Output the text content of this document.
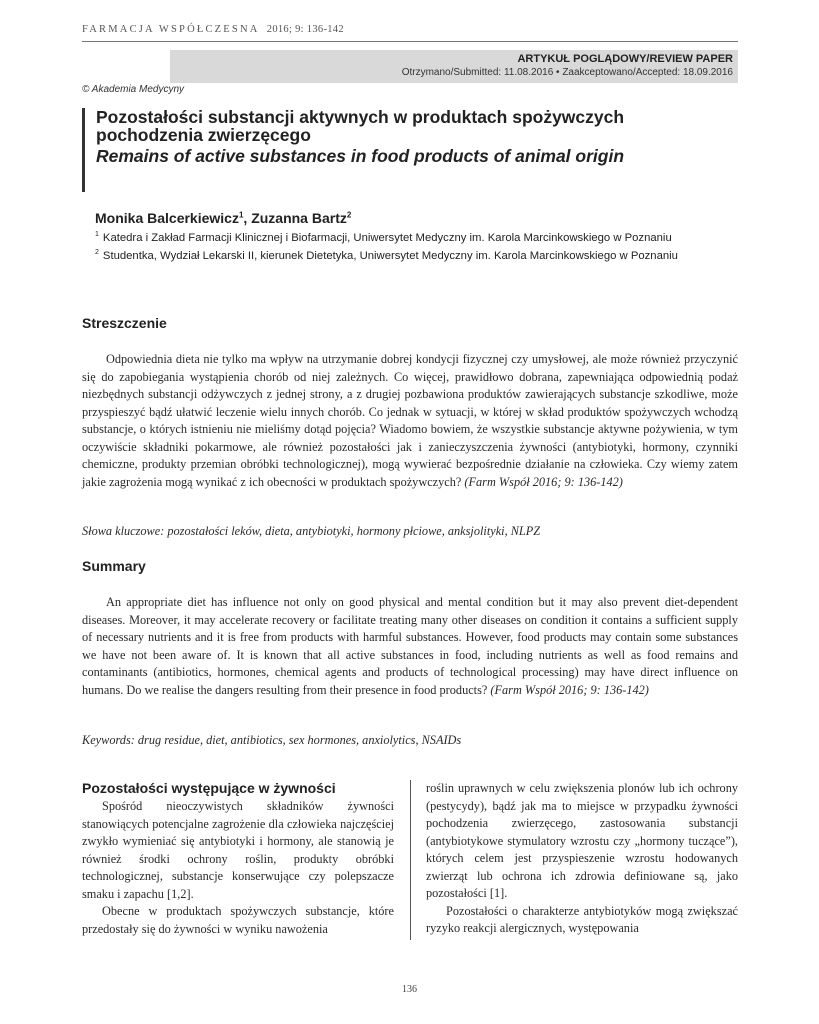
FARMACJA WSPÓŁCZESNA 2016; 9: 136-142
ARTYKUŁ POGLĄDOWY/REVIEW PAPER
Otrzymano/Submitted: 11.08.2016 • Zaakceptowano/Accepted: 18.09.2016
© Akademia Medycyny
Pozostałości substancji aktywnych w produktach spożywczych pochodzenia zwierzęcego
Remains of active substances in food products of animal origin
Monika Balcerkiewicz$^1$, Zuzanna Bartz$^2$
$^1$ Katedra i Zakład Farmacji Klinicznej i Biofarmacji, Uniwersytet Medyczny im. Karola Marcinkowskiego w Poznaniu
$^2$ Studentka, Wydział Lekarski II, kierunek Dietetyka, Uniwersytet Medyczny im. Karola Marcinkowskiego w Poznaniu
Streszczenie

Odpowiednia dieta nie tylko ma wpływ na utrzymanie dobrej kondycji fizycznej czy umysłowej, ale może również przyczynić się do zapobiegania wystąpienia chorób od niej zależnych. Co więcej, prawidłowo dobrana, zapewniająca odpowiednią podaż niezbędnych substancji odżywczych z jednej strony, a z drugiej pozbawiona produktów zawierających substancje szkodliwe, może przyspieszyć bądź ułatwić leczenie wielu innych chorób. Co jednak w sytuacji, w której w skład produktów spożywczych wchodzą substancje, o których istnieniu nie mieliśmy dotąd pojęcia? Wiadomo bowiem, że wszystkie substancje aktywne pożywienia, w tym oczywiście składniki pokarmowe, ale również pozostałości jak i zanieczyszczenia żywności (antybiotyki, hormony, czynniki chemiczne, produkty przemian obróbki technologicznej), mogą wywierać bezpośrednie działanie na człowieka. Czy wiemy zatem jakie zagrożenia mogą wynikać z ich obecności w produktach spożywczych? (Farm Współ 2016; 9: 136-142)

Słowa kluczowe: pozostałości leków, dieta, antybiotyki, hormony płciowe, anksjolityki, NLPZ
Summary

An appropriate diet has influence not only on good physical and mental condition but it may also prevent diet-dependent diseases. Moreover, it may accelerate recovery or facilitate treating many other diseases on condition it contains a sufficient supply of necessary nutrients and it is free from products with harmful substances. However, food products may contain some substances we have not been aware of. It is known that all active substances in food, including nutrients as well as food remains and contaminants (antibiotics, hormones, chemical agents and products of technological processing) may have direct influence on humans. Do we realise the dangers resulting from their presence in food products? (Farm Współ 2016; 9: 136-142)

Keywords: drug residue, diet, antibiotics, sex hormones, anxiolytics, NSAIDs
Pozostałości występujące w żywności

Spośród nieoczywistych składników żywności stanowiących potencjalne zagrożenie dla człowieka najczęściej zwykło wymieniać się antybiotyki i hormony, ale stanowią je również środki ochrony roślin, produkty obróbki technologicznej, substancje konserwujące czy polepszacze smaku i zapachu [1,2].

Obecne w produktach spożywczych substancje, które przedostały się do żywności w wyniku nawożenia

roślin uprawnych w celu zwiększenia plonów lub ich ochrony (pestycydy), bądź jak ma to miejsce w przypadku żywności pochodzenia zwierzęcego, zastosowania substancji (antybiotykowe stymulatory wzrostu czy „hormony tuczące”), których celem jest przyspieszenie wzrostu hodowanych zwierząt lub ochrona ich zdrowia definiowane są, jako pozostałości [1].

Pozostałości o charakterze antybiotyków mogą zwiększać ryzyko reakcji alergicznych, występowania

136
